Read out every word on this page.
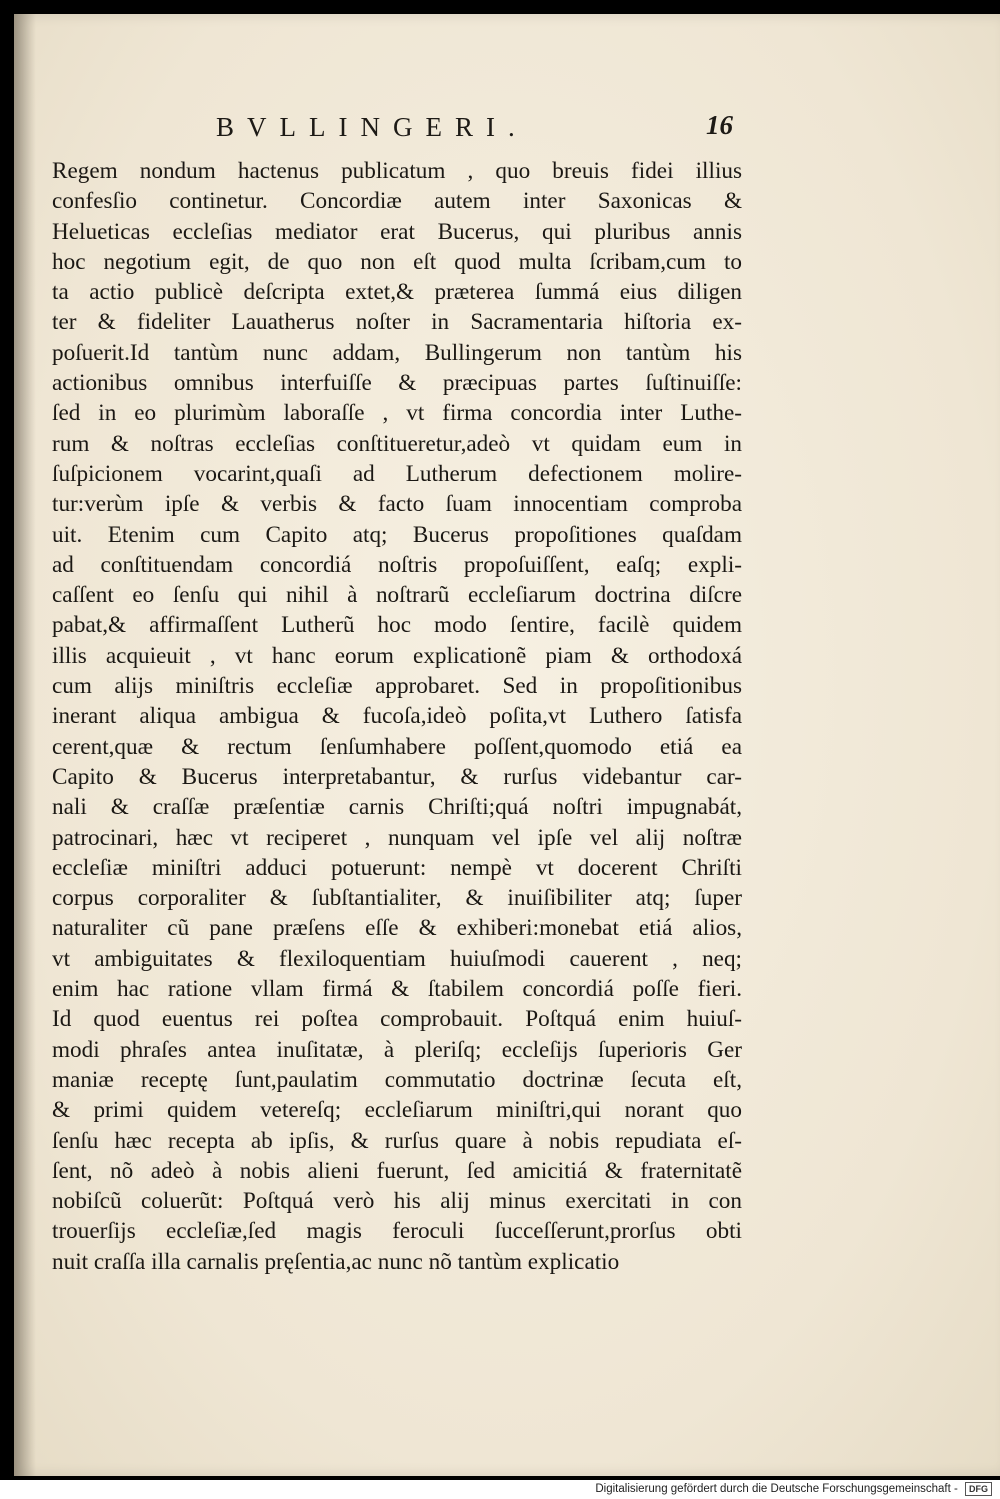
BVLLINGERI.	16
Regem nondum hactenus publicatum , quo breuis fidei illius
confesſio continetur. Concordiæ autem inter Saxonicas &
Helueticas eccleſias mediator erat Bucerus, qui pluribus annis
hoc negotium egit, de quo non eſt quod multa ſcribam,cum to
ta actio publicè deſcripta extet,& præterea ſummá eius diligen
ter & fideliter Lauatherus noſter in Sacramentaria hiſtoria ex-
poſuerit.Id tantùm nunc addam, Bullingerum non tantùm his
actionibus omnibus interfuiſſe & præcipuas partes ſuſtinuiſſe:
ſed in eo plurimùm laboraſſe , vt firma concordia inter Luthe-
rum & noſtras eccleſias conſtitueretur,adeò vt quidam eum in
ſuſpicionem vocarint,quaſi ad Lutherum defectionem molire-
tur:verùm ipſe & verbis & facto ſuam innocentiam comproba
uit. Etenim cum Capito atq; Bucerus propoſitiones quaſdam
ad conſtituendam concordiá noſtris propoſuiſſent, eaſq; expli-
caſſent eo ſenſu qui nihil à noſtrarũ eccleſiarum doctrina diſcre
pabat,& affirmaſſent Lutherũ hoc modo ſentire, facilè quidem
illis acquieuit , vt hanc eorum explicationẽ piam & orthodoxá
cum alijs miniſtris eccleſiæ approbaret. Sed in propoſitionibus
inerant aliqua ambigua & fucoſa,ideò poſita,vt Luthero ſatisfa
cerent,quæ & rectum ſenſumhabere poſſent,quomodo etiá ea
Capito & Bucerus interpretabantur, & rurſus videbantur car-
nali & craſſæ præſentiæ carnis Chriſti;quá noſtri impugnabát,
patrocinari, hæc vt reciperet , nunquam vel ipſe vel alij noſtræ
eccleſiæ miniſtri adduci potuerunt: nempè vt docerent Chriſti
corpus corporaliter & ſubſtantialiter, & inuiſibiliter atq; ſuper
naturaliter cũ pane præſens eſſe & exhiberi:monebat etiá alios,
vt ambiguitates & flexiloquentiam huiuſmodi cauerent , neq;
enim hac ratione vllam firmá & ſtabilem concordiá poſſe fieri.
Id quod euentus rei poſtea comprobauit. Poſtquá enim huiuſ-
modi phraſes antea inuſitatæ, à pleriſq; eccleſijs ſuperioris Ger
maniæ receptę ſunt,paulatim commutatio doctrinæ ſecuta eſt,
& primi quidem vetereſq; eccleſiarum miniſtri,qui norant quo
ſenſu hæc recepta ab ipſis, & rurſus quare à nobis repudiata eſ-
ſent, nõ adeò à nobis alieni fuerunt, ſed amicitiá & fraternitatẽ
nobiſcũ coluerũt: Poſtquá verò his alij minus exercitati in con
trouerſijs eccleſiæ,ſed magis feroculi ſucceſſerunt,prorſus obti
nuit craſſa illa carnalis pręſentia,ac nunc nõ tantùm explicatio
Digitalisierung gefördert durch die Deutsche Forschungsgemeinschaft - DFG
